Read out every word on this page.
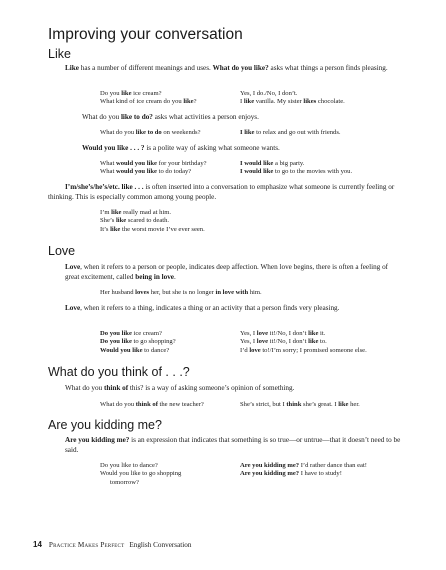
Improving your conversation
Like

Like has a number of different meanings and uses. What do you like? asks what things a person finds pleasing.

Do you like ice cream?
What kind of ice cream do you like?
Yes, I do./No, I don’t.
I like vanilla. My sister likes chocolate.

What do you like to do? asks what activities a person enjoys.

What do you like to do on weekends?	I like to relax and go out with friends.

Would you like . . . ? is a polite way of asking what someone wants.

What would you like for your birthday?
What would you like to do today?
I would like a big party.
I would like to go to the movies with you.

I’m/she’s/he’s/etc. like . . . is often inserted into a conversation to emphasize what someone is currently feeling or thinking. This is especially common among young people.

I’m like really mad at him.
She’s like scared to death.
It’s like the worst movie I’ve ever seen.
Love

Love, when it refers to a person or people, indicates deep affection. When love begins, there is often a feeling of great excitement, called being in love.

Her husband loves her, but she is no longer in love with him.

Love, when it refers to a thing, indicates a thing or an activity that a person finds very pleasing.

Do you like ice cream?
Do you like to go shopping?
Would you like to dance?
Yes, I love it!/No, I don’t like it.
Yes, I love it!/No, I don’t like to.
I’d love to!/I’m sorry; I promised someone else.
What do you think of . . .?

What do you think of this? is a way of asking someone’s opinion of something.

What do you think of the new teacher?	She’s strict, but I think she’s great. I like her.
Are you kidding me?

Are you kidding me? is an expression that indicates that something is so true—or untrue—that it doesn’t need to be said.

Do you like to dance?
Would you like to go shopping
tomorrow?
Are you kidding me? I’d rather dance than eat!
Are you kidding me? I have to study!
14 Practice Makes Perfect English Conversation
